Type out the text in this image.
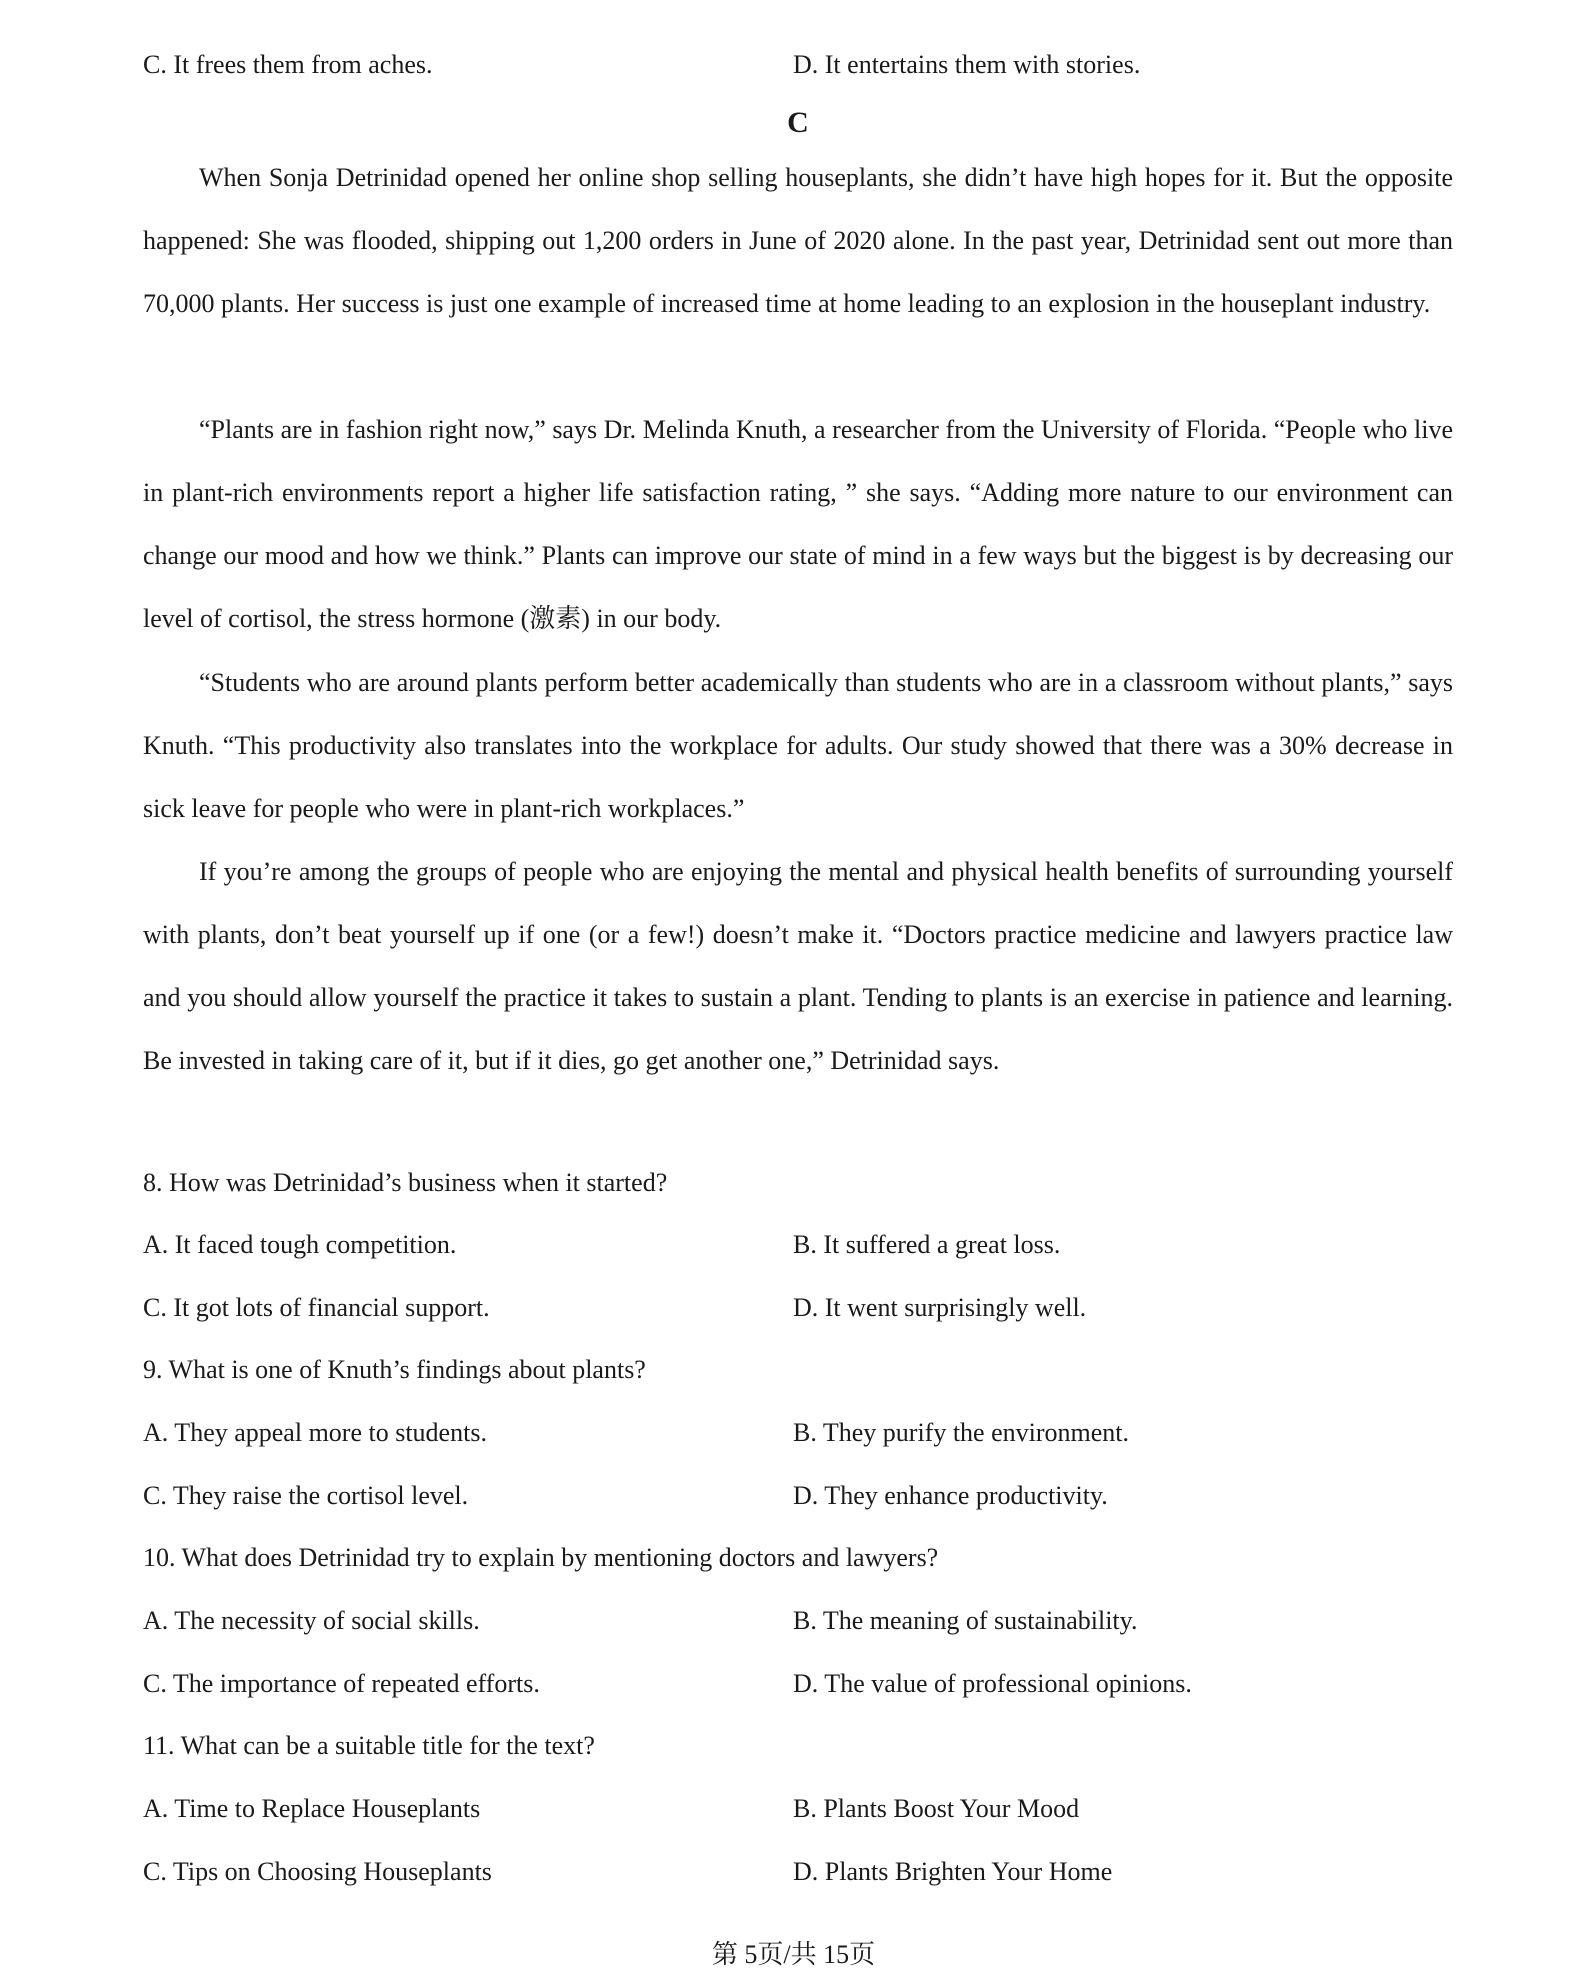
C. It frees them from aches.	D. It entertains them with stories.
C

When Sonja Detrinidad opened her online shop selling houseplants, she didn’t have high hopes for it. But the opposite happened: She was flooded, shipping out 1,200 orders in June of 2020 alone. In the past year, Detrinidad sent out more than 70,000 plants. Her success is just one example of increased time at home leading to an explosion in the houseplant industry.

“Plants are in fashion right now,” says Dr. Melinda Knuth, a researcher from the University of Florida. “People who live in plant-rich environments report a higher life satisfaction rating, ” she says. “Adding more nature to our environment can change our mood and how we think.” Plants can improve our state of mind in a few ways but the biggest is by decreasing our level of cortisol, the stress hormone (激素) in our body.

“Students who are around plants perform better academically than students who are in a classroom without plants,” says Knuth. “This productivity also translates into the workplace for adults. Our study showed that there was a 30% decrease in sick leave for people who were in plant-rich workplaces.”

If you’re among the groups of people who are enjoying the mental and physical health benefits of surrounding yourself with plants, don’t beat yourself up if one (or a few!) doesn’t make it. “Doctors practice medicine and lawyers practice law and you should allow yourself the practice it takes to sustain a plant. Tending to plants is an exercise in patience and learning. Be invested in taking care of it, but if it dies, go get another one,” Detrinidad says.

8. How was Detrinidad’s business when it started?
A. It faced tough competition.	B. It suffered a great loss.
C. It got lots of financial support.	D. It went surprisingly well.
9. What is one of Knuth’s findings about plants?
A. They appeal more to students.	B. They purify the environment.
C. They raise the cortisol level.	D. They enhance productivity.
10. What does Detrinidad try to explain by mentioning doctors and lawyers?
A. The necessity of social skills.	B. The meaning of sustainability.
C. The importance of repeated efforts.	D. The value of professional opinions.
11. What can be a suitable title for the text?
A. Time to Replace Houseplants	B. Plants Boost Your Mood
C. Tips on Choosing Houseplants	D. Plants Brighten Your Home
第 5页/共 15页
